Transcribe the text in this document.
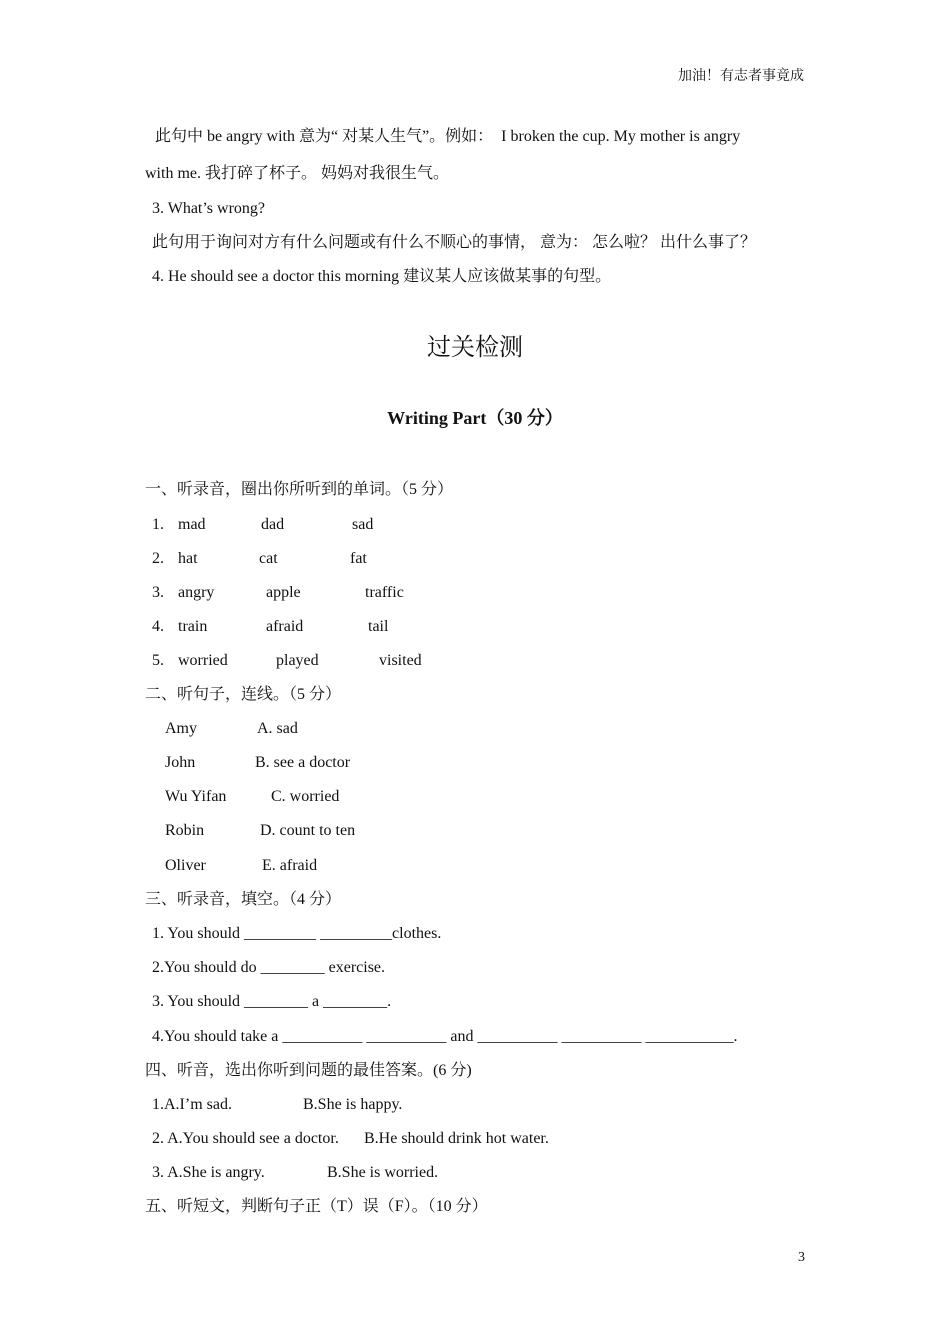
加油！有志者事竟成
此句中 be angry with 意为“ 对某人生气”。例如：  I broken the cup. My mother is angry
with me. 我打碎了杯子。 妈妈对我很生气。
3. What’s wrong?
此句用于询问对方有什么问题或有什么不顺心的事情， 意为： 怎么啦？ 出什么事了？
4. He should see a doctor this morning 建议某人应该做某事的句型。
过关检测
Writing Part（30 分）
一、听录音，圈出你所听到的单词。（5 分）
1. mad	dad	sad
2. hat	cat	fat
3. angry	apple	traffic
4. train	afraid	tail
5. worried	played	visited
二、听句子，连线。（5 分）
Amy	A. sad
John	B. see a doctor
Wu Yifan	C. worried
Robin	D. count to ten
Oliver	E. afraid
三、听录音，填空。（4 分）
1. You should _________ _________clothes.
2.You should do ________ exercise.
3. You should ________ a ________.
4.You should take a __________ __________ and __________ __________ ___________.
四、听音，选出你听到问题的最佳答案。(6 分)
1.A.I’m sad.	B.She is happy.
2. A.You should see a doctor. B.He should drink hot water.
3. A.She is angry.	B.She is worried.
五、听短文，判断句子正（T）误（F）。（10 分）
3
